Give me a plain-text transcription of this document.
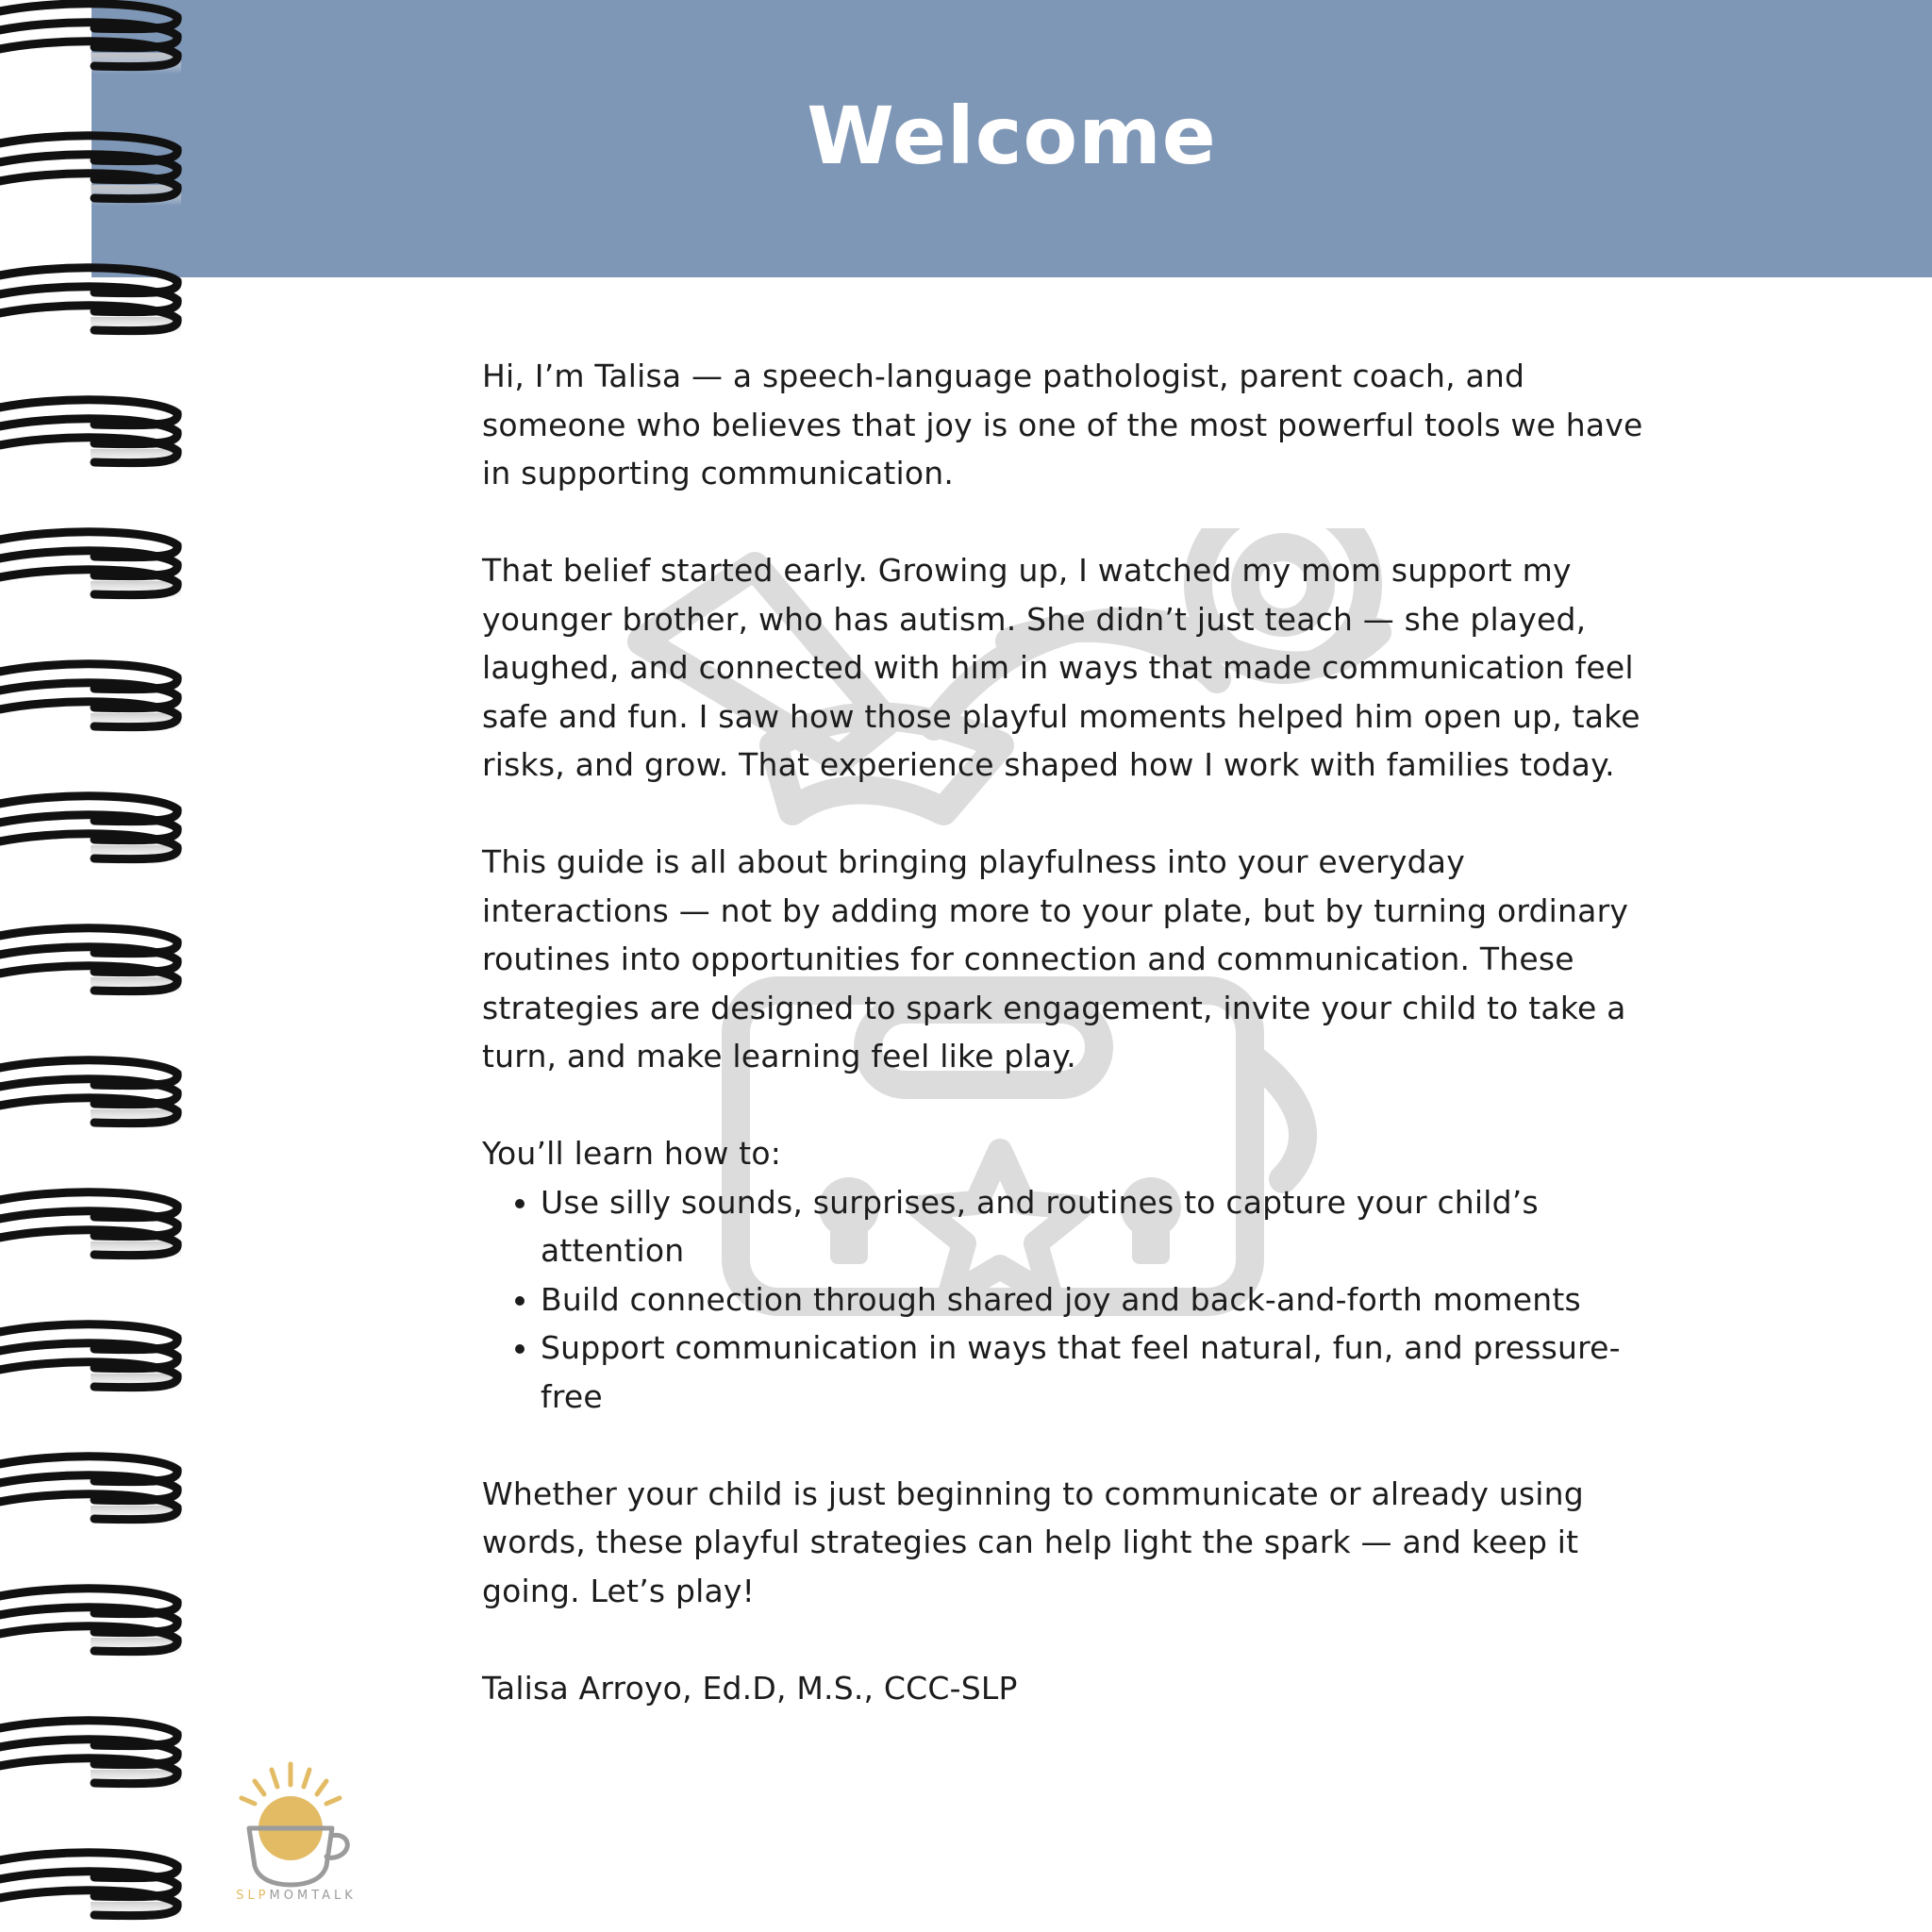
Welcome

Hi, I’m Talisa — a speech-language pathologist, parent coach, and someone who believes that joy is one of the most powerful tools we have in supporting communication.

That belief started early. Growing up, I watched my mom support my younger brother, who has autism. She didn’t just teach — she played, laughed, and connected with him in ways that made communication feel safe and fun. I saw how those playful moments helped him open up, take risks, and grow. That experience shaped how I work with families today.

This guide is all about bringing playfulness into your everyday interactions — not by adding more to your plate, but by turning ordinary routines into opportunities for connection and communication. These strategies are designed to spark engagement, invite your child to take a turn, and make learning feel like play.

You’ll learn how to:

• Use silly sounds, surprises, and routines to capture your child’s attention
• Build connection through shared joy and back-and-forth moments
• Support communication in ways that feel natural, fun, and pressure-free

Whether your child is just beginning to communicate or already using words, these playful strategies can help light the spark — and keep it going. Let’s play!

Talisa Arroyo, Ed.D, M.S., CCC-SLP

SLPMOMTALK
